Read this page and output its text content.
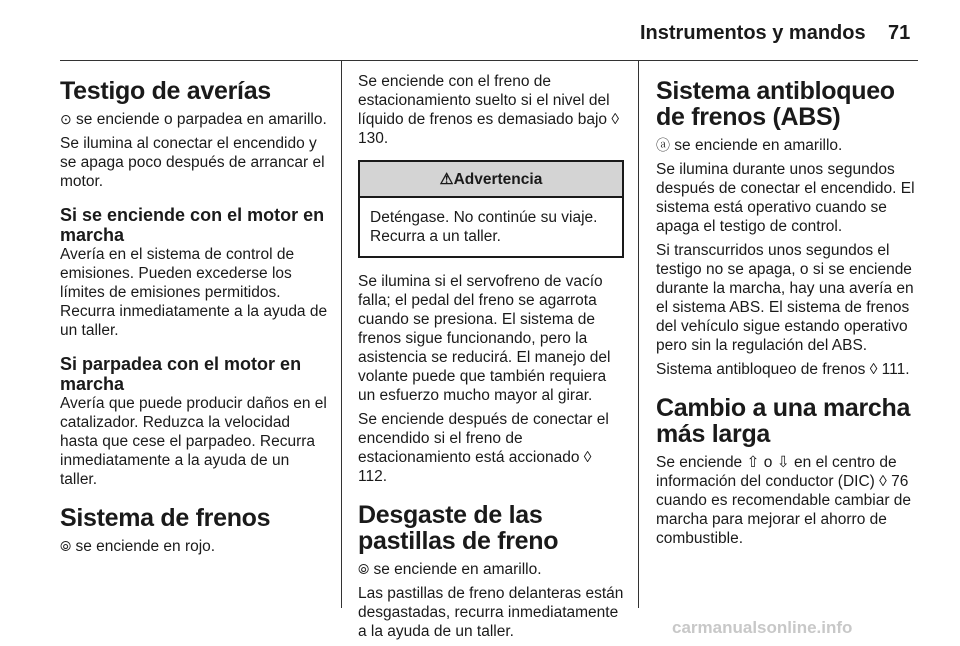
Instrumentos y mandos 71
Testigo de averías

⊙ se enciende o parpadea en amarillo.

Se ilumina al conectar el encendido y se apaga poco después de arrancar el motor.

Si se enciende con el motor en marcha

Avería en el sistema de control de emisiones. Pueden excederse los límites de emisiones permitidos. Recurra inmediatamente a la ayuda de un taller.

Si parpadea con el motor en marcha

Avería que puede producir daños en el catalizador. Reduzca la velocidad hasta que cese el parpadeo. Recurra inmediatamente a la ayuda de un taller.

Sistema de frenos

⦾ se enciende en rojo.

Se enciende con el freno de estacionamiento suelto si el nivel del líquido de frenos es demasiado bajo ◊ 130.

⚠Advertencia
Deténgase. No continúe su viaje. Recurra a un taller.

Se ilumina si el servofreno de vacío falla; el pedal del freno se agarrota cuando se presiona. El sistema de frenos sigue funcionando, pero la asistencia se reducirá. El manejo del volante puede que también requiera un esfuerzo mucho mayor al girar.

Se enciende después de conectar el encendido si el freno de estacionamiento está accionado ◊ 112.

Desgaste de las pastillas de freno

⦾ se enciende en amarillo.

Las pastillas de freno delanteras están desgastadas, recurra inmediatamente a la ayuda de un taller.

Sistema antibloqueo de frenos (ABS)

ⓐ se enciende en amarillo.

Se ilumina durante unos segundos después de conectar el encendido. El sistema está operativo cuando se apaga el testigo de control.

Si transcurridos unos segundos el testigo no se apaga, o si se enciende durante la marcha, hay una avería en el sistema ABS. El sistema de frenos del vehículo sigue estando operativo pero sin la regulación del ABS.

Sistema antibloqueo de frenos ◊ 111.

Cambio a una marcha más larga

Se enciende ⇧ o ⇩ en el centro de información del conductor (DIC) ◊ 76 cuando es recomendable cambiar de marcha para mejorar el ahorro de combustible.

carmanualsonline.info
